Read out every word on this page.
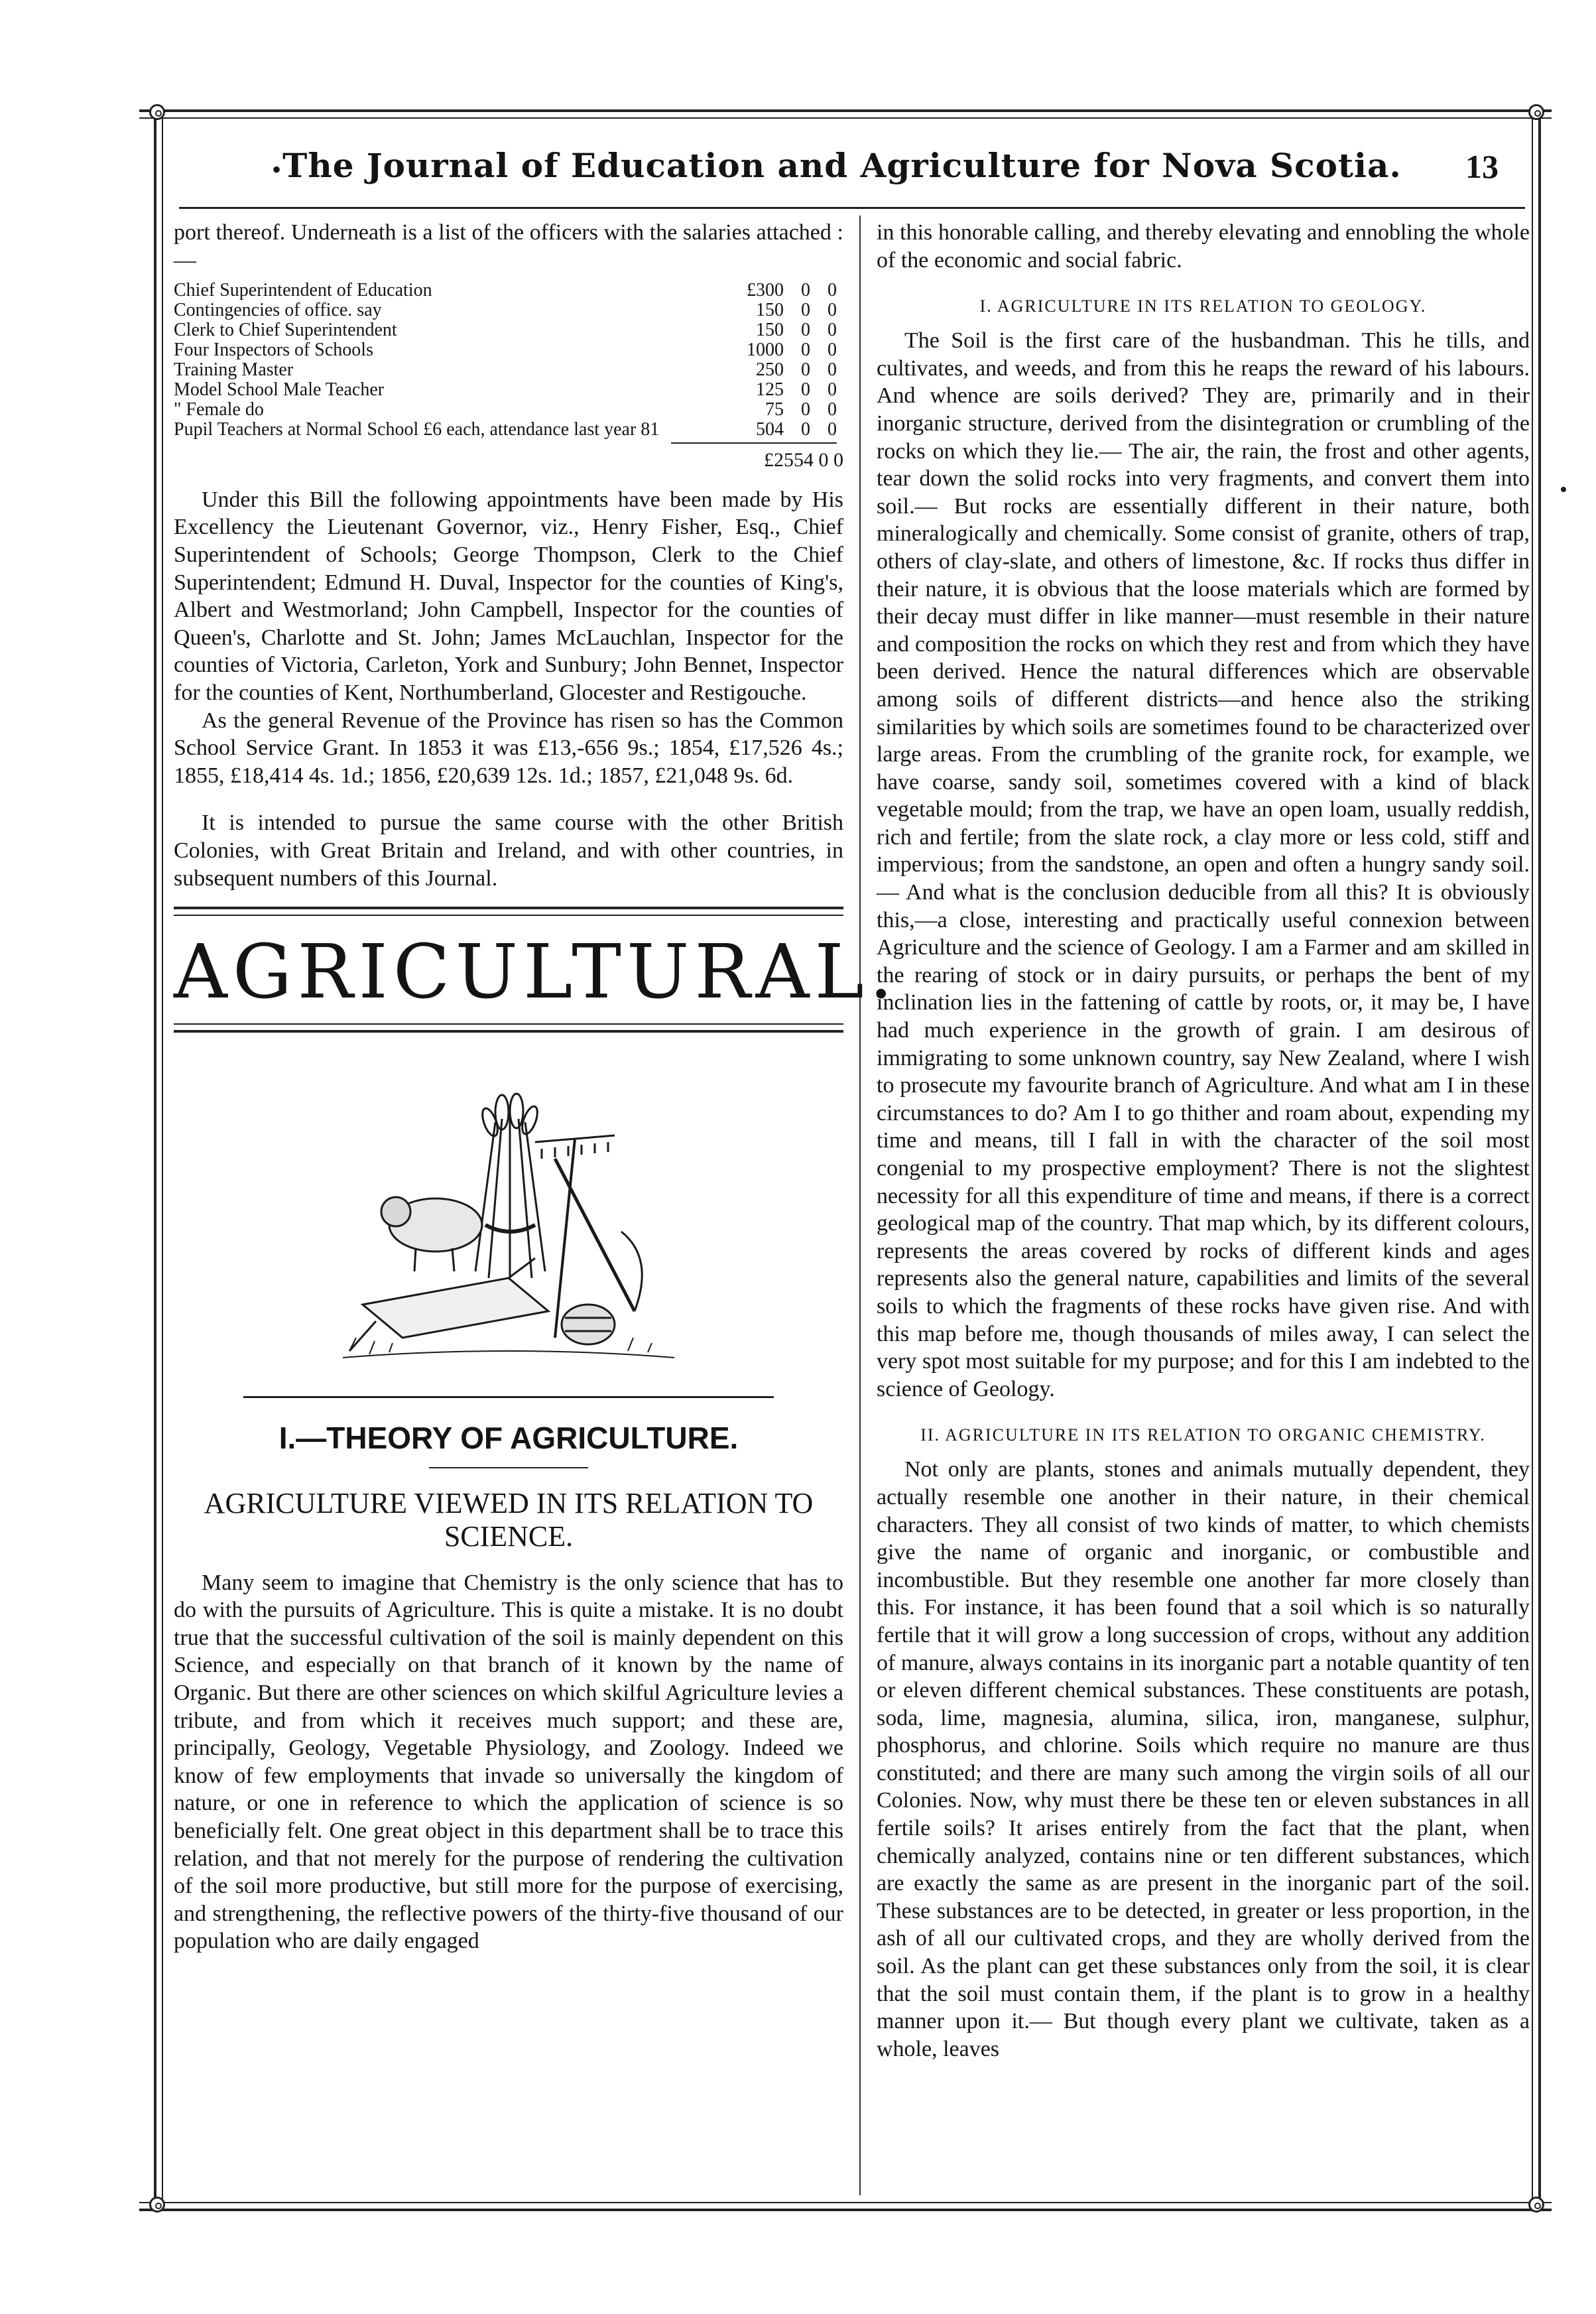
• The Journal of Education and Agriculture for Nova Scotia.	13

port thereof. Underneath is a list of the officers with the salaries attached :—

Chief Superintendent of Education	£300	0	0
Contingencies of office. say	150	0	0
Clerk to Chief Superintendent	150	0	0
Four Inspectors of Schools	1000	0	0
Training Master	250	0	0
Model School Male Teacher	125	0	0
" Female do	75	0	0
Pupil Teachers at Normal School £6 each, attendance last year 81	504	0	0
£2554 0 0

Under this Bill the following appointments have been made by His Excellency the Lieutenant Governor, viz., Henry Fisher, Esq., Chief Superintendent of Schools; George Thompson, Clerk to the Chief Superintendent; Edmund H. Duval, Inspector for the counties of King's, Albert and Westmorland; John Campbell, Inspector for the counties of Queen's, Charlotte and St. John; James McLauchlan, Inspector for the counties of Victoria, Carleton, York and Sunbury; John Bennet, Inspector for the counties of Kent, Northumberland, Glocester and Restigouche.

As the general Revenue of the Province has risen so has the Common School Service Grant. In 1853 it was £13,-656 9s.; 1854, £17,526 4s.; 1855, £18,414 4s. 1d.; 1856, £20,639 12s. 1d.; 1857, £21,048 9s. 6d.

It is intended to pursue the same course with the other British Colonies, with Great Britain and Ireland, and with other countries, in subsequent numbers of this Journal.

AGRICULTURAL.
I.—THEORY OF AGRICULTURE.
AGRICULTURE VIEWED IN ITS RELATION TO SCIENCE.

Many seem to imagine that Chemistry is the only science that has to do with the pursuits of Agriculture. This is quite a mistake. It is no doubt true that the successful cultivation of the soil is mainly dependent on this Science, and especially on that branch of it known by the name of Organic. But there are other sciences on which skilful Agriculture levies a tribute, and from which it receives much support; and these are, principally, Geology, Vegetable Physiology, and Zoology. Indeed we know of few employments that invade so universally the kingdom of nature, or one in reference to which the application of science is so beneficially felt. One great object in this department shall be to trace this relation, and that not merely for the purpose of rendering the cultivation of the soil more productive, but still more for the purpose of exercising, and strengthening, the reflective powers of the thirty-five thousand of our population who are daily engaged

in this honorable calling, and thereby elevating and ennobling the whole of the economic and social fabric.

I. AGRICULTURE IN ITS RELATION TO GEOLOGY.

The Soil is the first care of the husbandman. This he tills, and cultivates, and weeds, and from this he reaps the reward of his labours. And whence are soils derived? They are, primarily and in their inorganic structure, derived from the disintegration or crumbling of the rocks on which they lie.— The air, the rain, the frost and other agents, tear down the solid rocks into very fragments, and convert them into soil.— But rocks are essentially different in their nature, both mineralogically and chemically. Some consist of granite, others of trap, others of clay-slate, and others of limestone, &c. If rocks thus differ in their nature, it is obvious that the loose materials which are formed by their decay must differ in like manner—must resemble in their nature and composition the rocks on which they rest and from which they have been derived. Hence the natural differences which are observable among soils of different districts—and hence also the striking similarities by which soils are sometimes found to be characterized over large areas. From the crumbling of the granite rock, for example, we have coarse, sandy soil, sometimes covered with a kind of black vegetable mould; from the trap, we have an open loam, usually reddish, rich and fertile; from the slate rock, a clay more or less cold, stiff and impervious; from the sandstone, an open and often a hungry sandy soil.— And what is the conclusion deducible from all this? It is obviously this,—a close, interesting and practically useful connexion between Agriculture and the science of Geology. I am a Farmer and am skilled in the rearing of stock or in dairy pursuits, or perhaps the bent of my inclination lies in the fattening of cattle by roots, or, it may be, I have had much experience in the growth of grain. I am desirous of immigrating to some unknown country, say New Zealand, where I wish to prosecute my favourite branch of Agriculture. And what am I in these circumstances to do? Am I to go thither and roam about, expending my time and means, till I fall in with the character of the soil most congenial to my prospective employment? There is not the slightest necessity for all this expenditure of time and means, if there is a correct geological map of the country. That map which, by its different colours, represents the areas covered by rocks of different kinds and ages represents also the general nature, capabilities and limits of the several soils to which the fragments of these rocks have given rise. And with this map before me, though thousands of miles away, I can select the very spot most suitable for my purpose; and for this I am indebted to the science of Geology.

II. AGRICULTURE IN ITS RELATION TO ORGANIC CHEMISTRY.

Not only are plants, stones and animals mutually dependent, they actually resemble one another in their nature, in their chemical characters. They all consist of two kinds of matter, to which chemists give the name of organic and inorganic, or combustible and incombustible. But they resemble one another far more closely than this. For instance, it has been found that a soil which is so naturally fertile that it will grow a long succession of crops, without any addition of manure, always contains in its inorganic part a notable quantity of ten or eleven different chemical substances. These constituents are potash, soda, lime, magnesia, alumina, silica, iron, manganese, sulphur, phosphorus, and chlorine. Soils which require no manure are thus constituted; and there are many such among the virgin soils of all our Colonies. Now, why must there be these ten or eleven substances in all fertile soils? It arises entirely from the fact that the plant, when chemically analyzed, contains nine or ten different substances, which are exactly the same as are present in the inorganic part of the soil. These substances are to be detected, in greater or less proportion, in the ash of all our cultivated crops, and they are wholly derived from the soil. As the plant can get these substances only from the soil, it is clear that the soil must contain them, if the plant is to grow in a healthy manner upon it.— But though every plant we cultivate, taken as a whole, leaves

•
